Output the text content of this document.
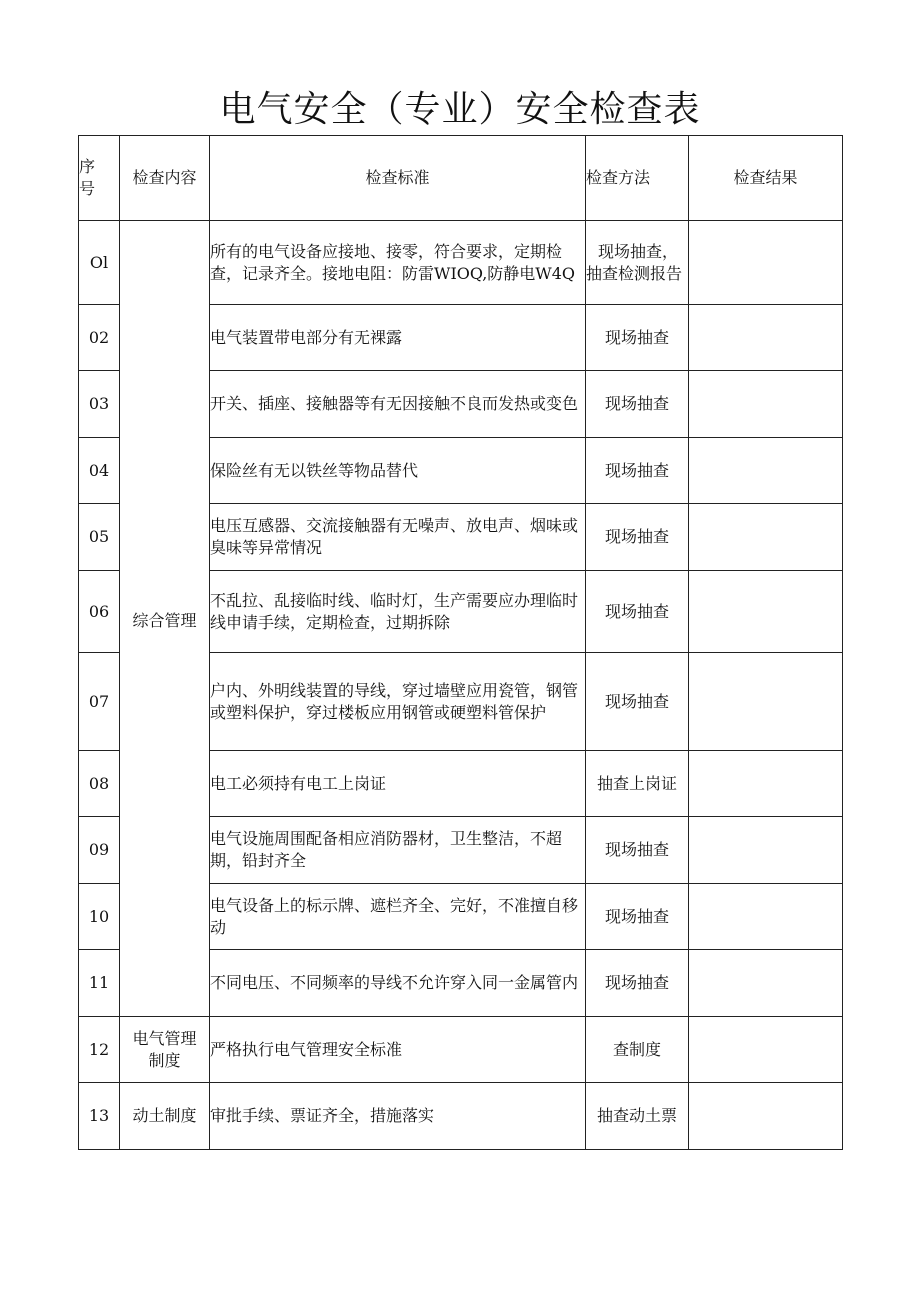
电气安全（专业）安全检查表
序
号	检查内容	检查标准	检查方法	检查结果
Ol	综合管理	所有的电气设备应接地、接零，符合要求，定期检查，记录齐全。接地电阻：防雷WIOQ,防静电W4Q	现场抽查，
抽查检测报告	
02		电气装置带电部分有无裸露	现场抽查	
03		开关、插座、接触器等有无因接触不良而发热或变色	现场抽查	
04		保险丝有无以铁丝等物品替代	现场抽查	
05		电压互感器、交流接触器有无噪声、放电声、烟味或臭味等异常情况	现场抽查	
06		不乱拉、乱接临时线、临时灯，生产需要应办理临时线申请手续，定期检查，过期拆除	现场抽查	
07		户内、外明线装置的导线，穿过墙壁应用瓷管，钢管或塑料保护，穿过楼板应用钢管或硬塑料管保护	现场抽查	
08		电工必须持有电工上岗证	抽查上岗证	
09		电气设施周围配备相应消防器材，卫生整洁，不超期，铅封齐全	现场抽查	
10		电气设备上的标示牌、遮栏齐全、完好，不准擅自移动	现场抽查	
11		不同电压、不同频率的导线不允许穿入同一金属管内	现场抽查	
12	电气管理
制度	严格执行电气管理安全标准	查制度	
13	动土制度	审批手续、票证齐全，措施落实	抽查动土票	
